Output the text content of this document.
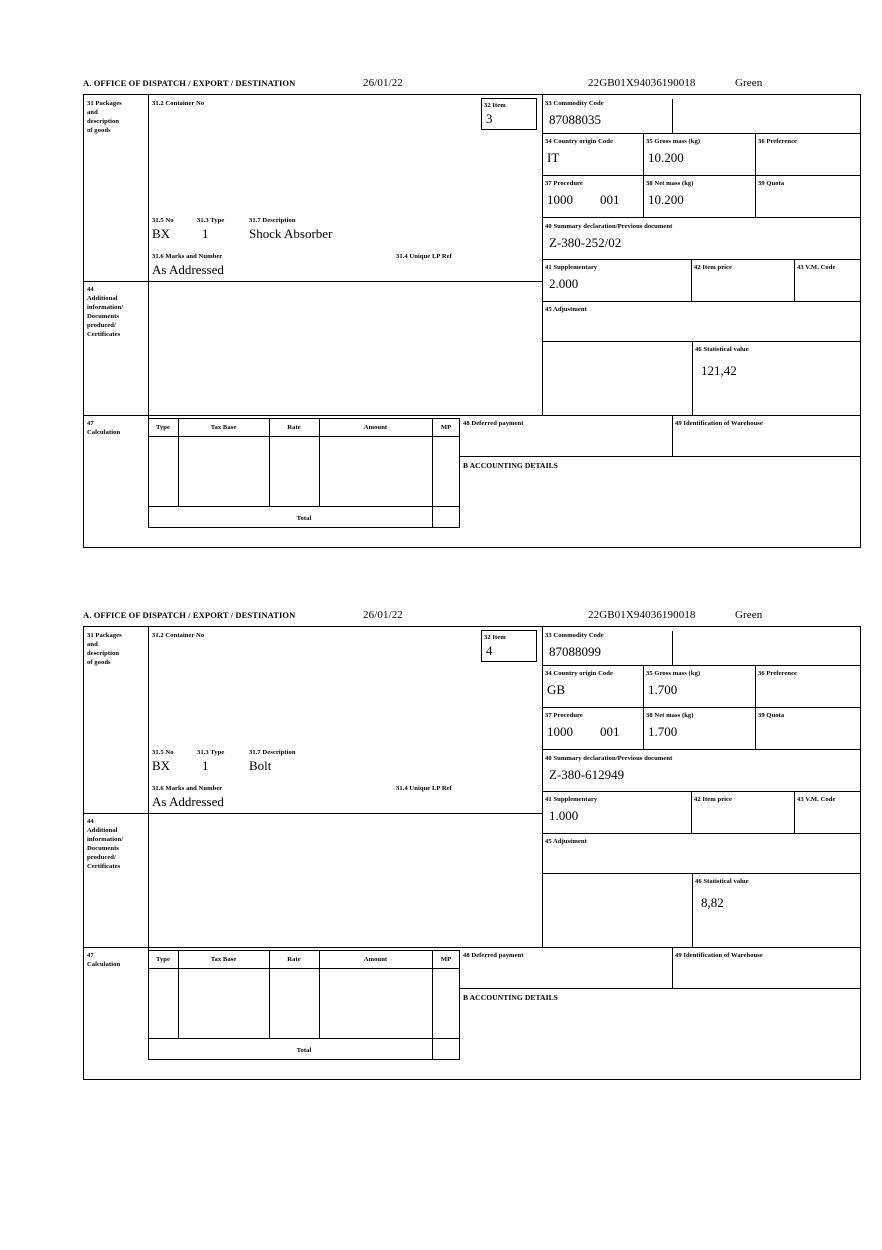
A. OFFICE OF DISPATCH / EXPORT / DESTINATION	26/01/22	22GB01X94036190018	Green
31 Packages
and
description
of goods
31.2 Container No	32 Item
3
31.5 No	31.3 Type	31.7 Description
BX 1	Shock Absorber
31.6 Marks and Number
As Addressed
31.4 Unique LP Ref
44
Additional
information/
Documents
produced/
Certificates
33 Commodity Code
87088035
34 Country origin Code
IT
35 Gross mass (kg)
10.200
36 Preference
37 Procedure
1000 001
38 Net mass (kg)
10.200
39 Quota
40 Summary declaration/Previous document
Z-380-252/02
41 Supplementary
2.000
42 Item price	43 V.M. Code
45 Adjustment
46 Statistical value
121,42
47
Calculation
Type	Tax Base	Rate	Amount	MP
Total
48 Deferred payment	49 Identification of Warehouse
B ACCOUNTING DETAILS
A. OFFICE OF DISPATCH / EXPORT / DESTINATION	26/01/22	22GB01X94036190018	Green
31 Packages
and
description
of goods
31.2 Container No	32 Item
4
31.5 No	31.3 Type	31.7 Description
BX 1	Bolt
31.6 Marks and Number
As Addressed
31.4 Unique LP Ref
44
Additional
information/
Documents
produced/
Certificates
33 Commodity Code
87088099
34 Country origin Code
GB
35 Gross mass (kg)
1.700
36 Preference
37 Procedure
1000 001
38 Net mass (kg)
1.700
39 Quota
40 Summary declaration/Previous document
Z-380-612949
41 Supplementary
1.000
42 Item price	43 V.M. Code
45 Adjustment
46 Statistical value
8,82
47
Calculation
Type	Tax Base	Rate	Amount	MP
Total
48 Deferred payment	49 Identification of Warehouse
B ACCOUNTING DETAILS
